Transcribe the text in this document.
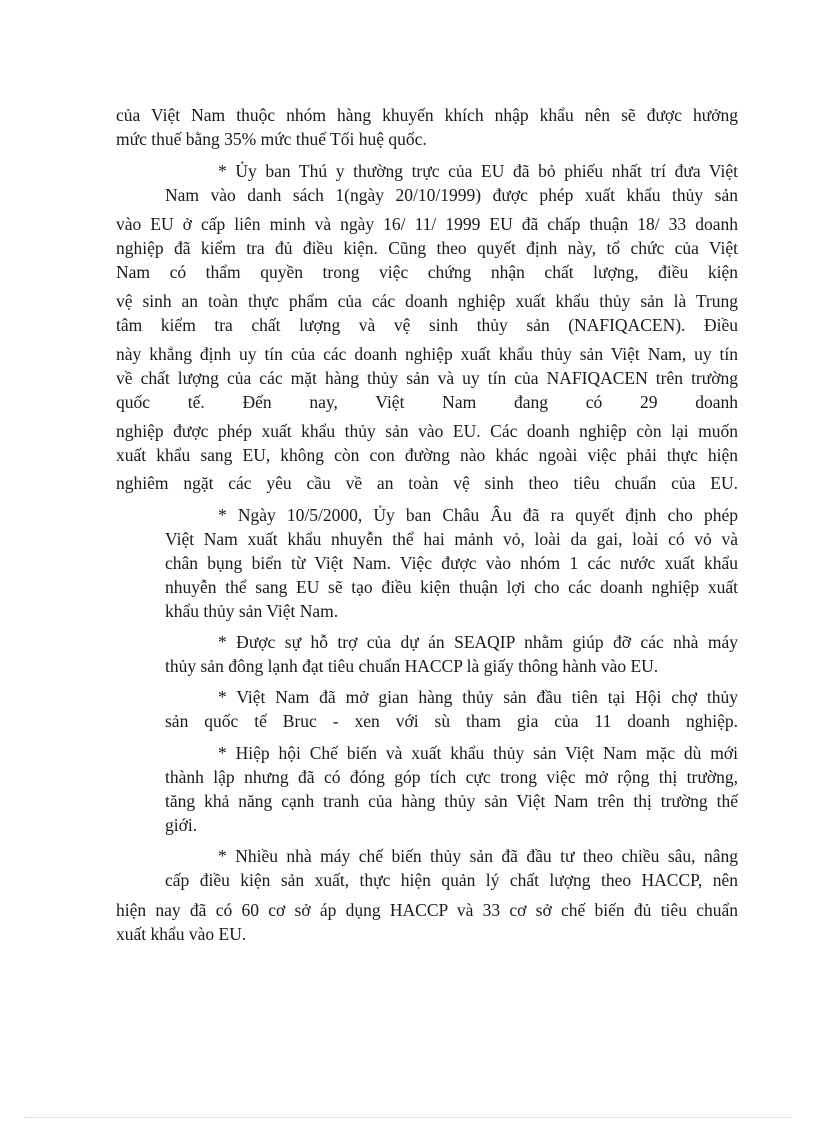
của Việt Nam thuộc nhóm hàng khuyến khích nhập khẩu nên sẽ được hưởng
mức thuế bằng 35% mức thuế Tối huệ quốc.
* Ủy ban Thú y thường trực của EU đã bỏ phiếu nhất trí đưa Việt
Nam vào danh sách 1(ngày 20/10/1999) được phép xuất khẩu thủy sản
vào EU ở cấp liên minh và ngày 16/ 11/ 1999 EU đã chấp thuận 18/ 33 doanh
nghiệp đã kiểm tra đủ điều kiện. Cũng theo quyết định này, tổ chức của Việt
Nam có thẩm quyền trong việc chứng nhận chất lượng, điều kiện
vệ sinh an toàn thực phẩm của các doanh nghiệp xuất khẩu thủy sản là Trung
tâm kiểm tra chất lượng và vệ sinh thủy sản (NAFIQACEN). Điều
này khẳng định uy tín của các doanh nghiệp xuất khẩu thủy sản Việt Nam, uy tín
về chất lượng của các mặt hàng thủy sản và uy tín của NAFIQACEN trên trường
quốc tế. Đến nay, Việt Nam đang có 29 doanh
nghiệp được phép xuất khẩu thủy sản vào EU. Các doanh nghiệp còn lại muốn
xuất khẩu sang EU, không còn con đường nào khác ngoài việc phải thực hiện
nghiêm ngặt các yêu cầu về an toàn vệ sinh theo tiêu chuẩn của EU.
* Ngày 10/5/2000, Ủy ban Châu Âu đã ra quyết định cho phép
Việt Nam xuất khẩu nhuyễn thể hai mảnh vỏ, loài da gai, loài có vỏ và
chân bụng biển từ Việt Nam. Việc được vào nhóm 1 các nước xuất khẩu
nhuyễn thể sang EU sẽ tạo điều kiện thuận lợi cho các doanh nghiệp xuất
khẩu thủy sản Việt Nam.
* Được sự hỗ trợ của dự án SEAQIP nhằm giúp đỡ các nhà máy
thủy sản đông lạnh đạt tiêu chuẩn HACCP là giấy thông hành vào EU.
* Việt Nam đã mở gian hàng thủy sản đầu tiên tại Hội chợ thủy
sản quốc tế Bruc - xen với sù tham gia của 11 doanh nghiệp.
* Hiệp hội Chế biến và xuất khẩu thủy sản Việt Nam mặc dù mới
thành lập nhưng đã có đóng góp tích cực trong việc mở rộng thị trường,
tăng khả năng cạnh tranh của hàng thủy sản Việt Nam trên thị trường thế
giới.
* Nhiều nhà máy chế biến thủy sản đã đầu tư theo chiều sâu, nâng
cấp điều kiện sản xuất, thực hiện quản lý chất lượng theo HACCP, nên
hiện nay đã có 60 cơ sở áp dụng HACCP và 33 cơ sở chế biến đủ tiêu chuẩn
xuất khẩu vào EU.
